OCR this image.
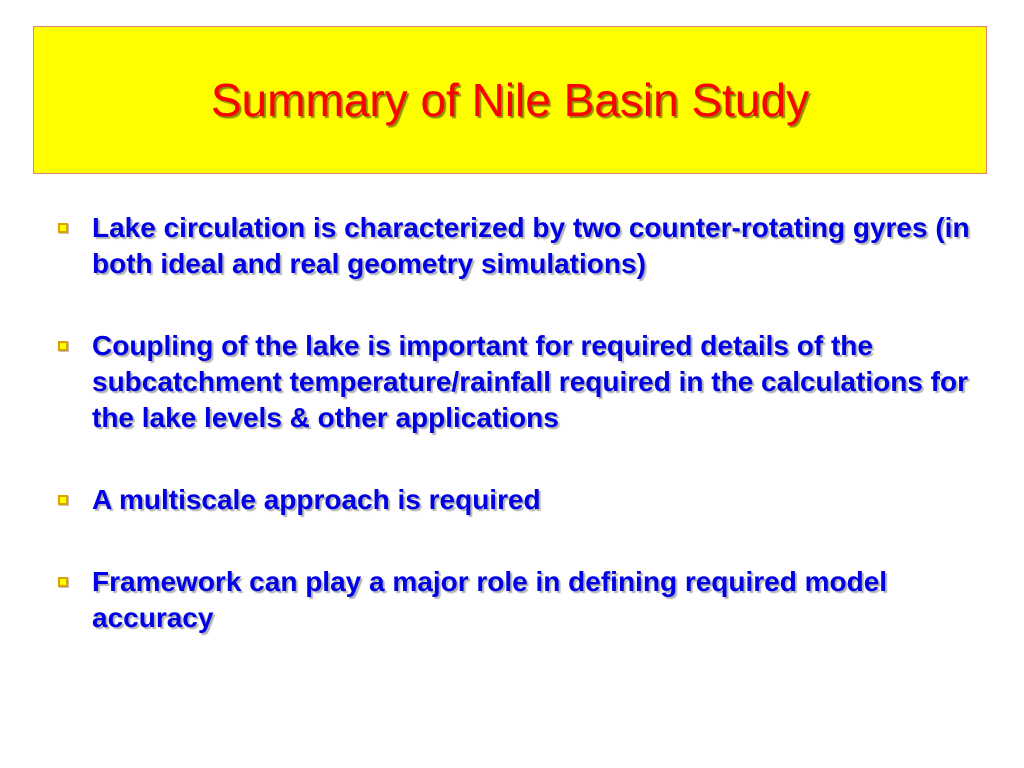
Summary of Nile Basin Study
Lake circulation is characterized by two counter-rotating gyres (in both ideal and real geometry simulations)
Coupling of the lake is important for required details of the subcatchment temperature/rainfall required in the calculations for the lake levels & other applications
A multiscale approach is required
Framework can play a major role in defining required model accuracy
